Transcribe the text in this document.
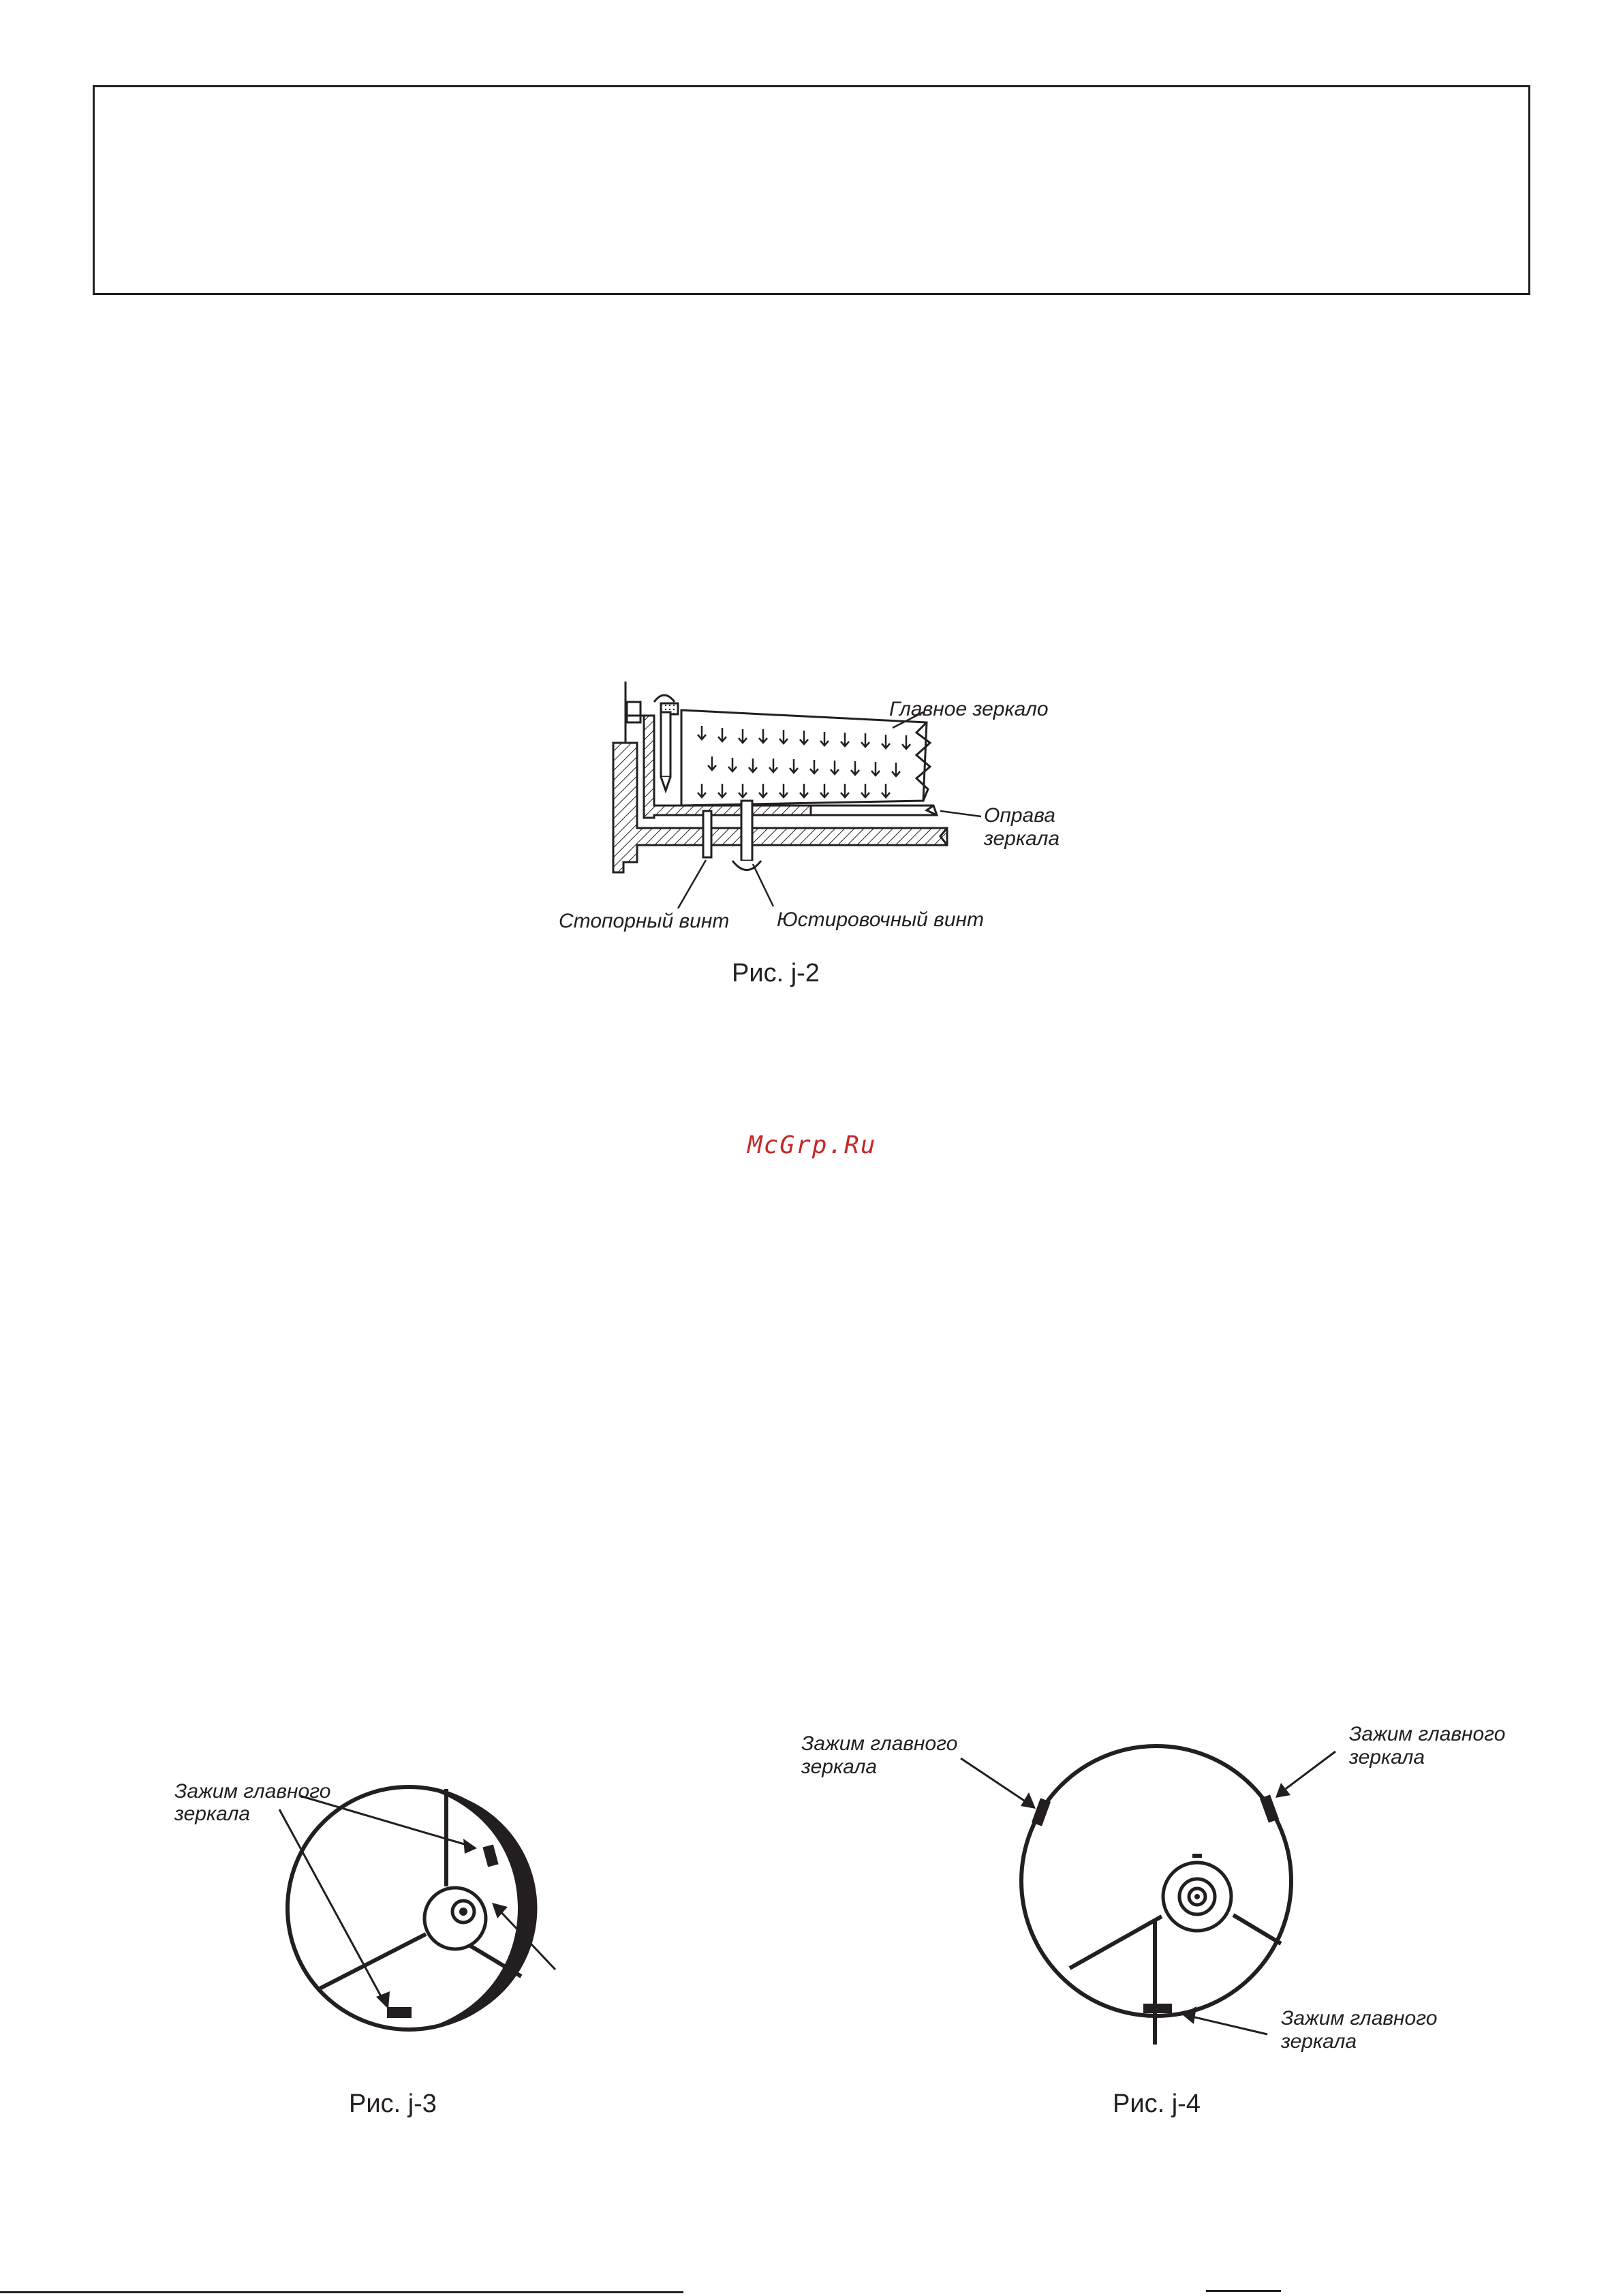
Главное зеркало
Оправа
зеркала
Стопорный винт Юстировочный винт
Рис. j-2
McGrp.Ru
Зажим главного
зеркала
Рис. j-3
Зажим главного
зеркала
Зажим главного
зеркала
Зажим главного
зеркала
Рис. j-4
